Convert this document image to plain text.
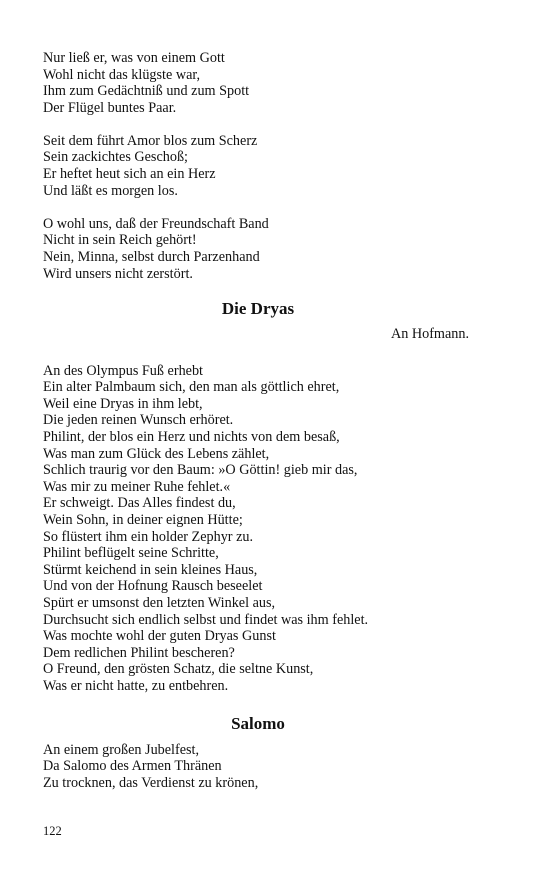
Nur ließ er, was von einem Gott
Wohl nicht das klügste war,
Ihm zum Gedächtniß und zum Spott
Der Flügel buntes Paar.
Seit dem führt Amor blos zum Scherz
Sein zackichtes Geschoß;
Er heftet heut sich an ein Herz
Und läßt es morgen los.
O wohl uns, daß der Freundschaft Band
Nicht in sein Reich gehört!
Nein, Minna, selbst durch Parzenhand
Wird unsers nicht zerstört.
Die Dryas
An Hofmann.
An des Olympus Fuß erhebt
Ein alter Palmbaum sich, den man als göttlich ehret,
Weil eine Dryas in ihm lebt,
Die jeden reinen Wunsch erhöret.
Philint, der blos ein Herz und nichts von dem besaß,
Was man zum Glück des Lebens zählet,
Schlich traurig vor den Baum: »O Göttin! gieb mir das,
Was mir zu meiner Ruhe fehlet.«
Er schweigt. Das Alles findest du,
Wein Sohn, in deiner eignen Hütte;
So flüstert ihm ein holder Zephyr zu.
Philint beflügelt seine Schritte,
Stürmt keichend in sein kleines Haus,
Und von der Hofnung Rausch beseelet
Spürt er umsonst den letzten Winkel aus,
Durchsucht sich endlich selbst und findet was ihm fehlet.
Was mochte wohl der guten Dryas Gunst
Dem redlichen Philint bescheren?
O Freund, den grösten Schatz, die seltne Kunst,
Was er nicht hatte, zu entbehren.
Salomo
An einem großen Jubelfest,
Da Salomo des Armen Thränen
Zu trocknen, das Verdienst zu krönen,
122
